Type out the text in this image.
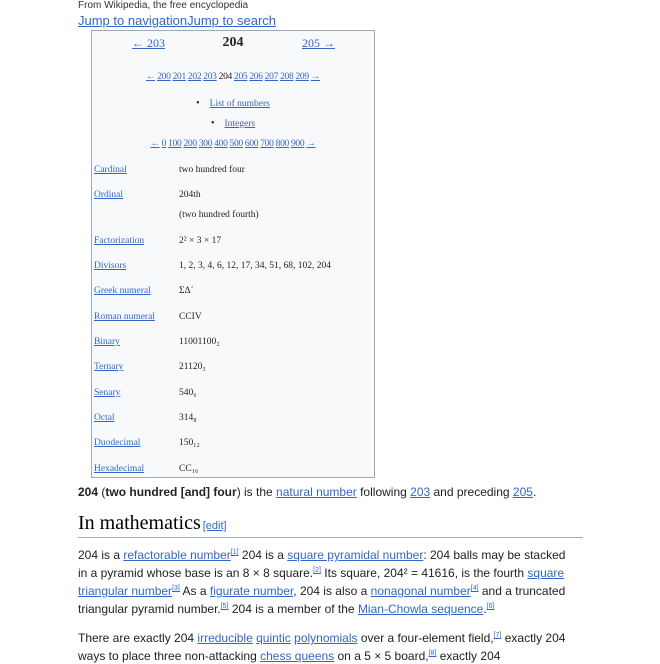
From Wikipedia, the free encyclopedia
Jump to navigationJump to search
← 203	204	205 →
← 200 201 202 203 204 205 206 207 208 209 →
• List of numbers
• Integers
← 0 100 200 300 400 500 600 700 800 900 →
Cardinal	two hundred four
Ordinal	204th
(two hundred fourth)
Factorization	2² × 3 × 17
Divisors	1, 2, 3, 4, 6, 12, 17, 34, 51, 68, 102, 204
Greek numeral	ΣΔ´
Roman numeral	CCIV
Binary	11001100₂
Ternary	21120₃
Senary	540₆
Octal	314₈
Duodecimal	150₁₂
Hexadecimal	CC₁₆
204 (two hundred [and] four) is the natural number following 203 and preceding 205.
In mathematics [edit]
204 is a refactorable number[1] 204 is a square pyramidal number: 204 balls may be stacked in a pyramid whose base is an 8 × 8 square.[2] Its square, 204² = 41616, is the fourth square triangular number[3] As a figurate number, 204 is also a nonagonal number[4] and a truncated triangular pyramid number.[5] 204 is a member of the Mian-Chowla sequence.[6]
There are exactly 204 irreducible quintic polynomials over a four-element field,[7] exactly 204 ways to place three non-attacking chess queens on a 5 × 5 board,[8] exactly 204
